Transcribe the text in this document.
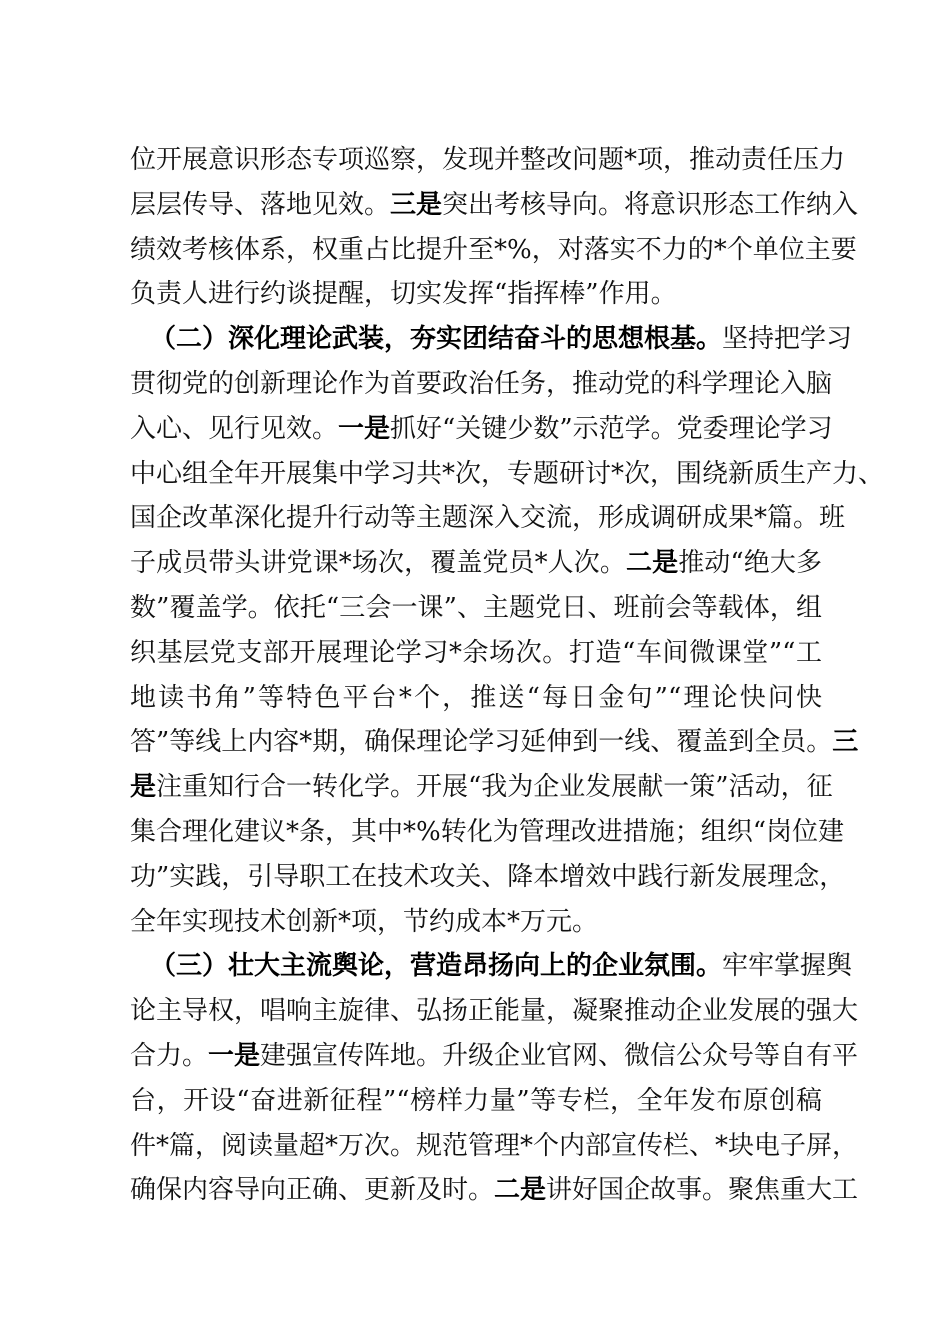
位开展意识形态专项巡察，发现并整改问题*项，推动责任压力
层层传导、落地见效。三是突出考核导向。将意识形态工作纳入
绩效考核体系，权重占比提升至*%，对落实不力的*个单位主要
负责人进行约谈提醒，切实发挥“指挥棒”作用。
（二）深化理论武装，夯实团结奋斗的思想根基。坚持把学习
贯彻党的创新理论作为首要政治任务，推动党的科学理论入脑
入心、见行见效。一是抓好“关键少数”示范学。党委理论学习
中心组全年开展集中学习共*次，专题研讨*次，围绕新质生产力、
国企改革深化提升行动等主题深入交流，形成调研成果*篇。班
子成员带头讲党课*场次，覆盖党员*人次。二是推动“绝大多
数”覆盖学。依托“三会一课”、主题党日、班前会等载体，组
织基层党支部开展理论学习*余场次。打造“车间微课堂”“工
地读书角”等特色平台*个，推送“每日金句”“理论快问快
答”等线上内容*期，确保理论学习延伸到一线、覆盖到全员。三
是注重知行合一转化学。开展“我为企业发展献一策”活动，征
集合理化建议*条，其中*%转化为管理改进措施；组织“岗位建
功”实践，引导职工在技术攻关、降本增效中践行新发展理念，
全年实现技术创新*项，节约成本*万元。
（三）壮大主流舆论，营造昂扬向上的企业氛围。牢牢掌握舆
论主导权，唱响主旋律、弘扬正能量，凝聚推动企业发展的强大
合力。一是建强宣传阵地。升级企业官网、微信公众号等自有平
台，开设“奋进新征程”“榜样力量”等专栏，全年发布原创稿
件*篇，阅读量超*万次。规范管理*个内部宣传栏、*块电子屏，
确保内容导向正确、更新及时。二是讲好国企故事。聚焦重大工
